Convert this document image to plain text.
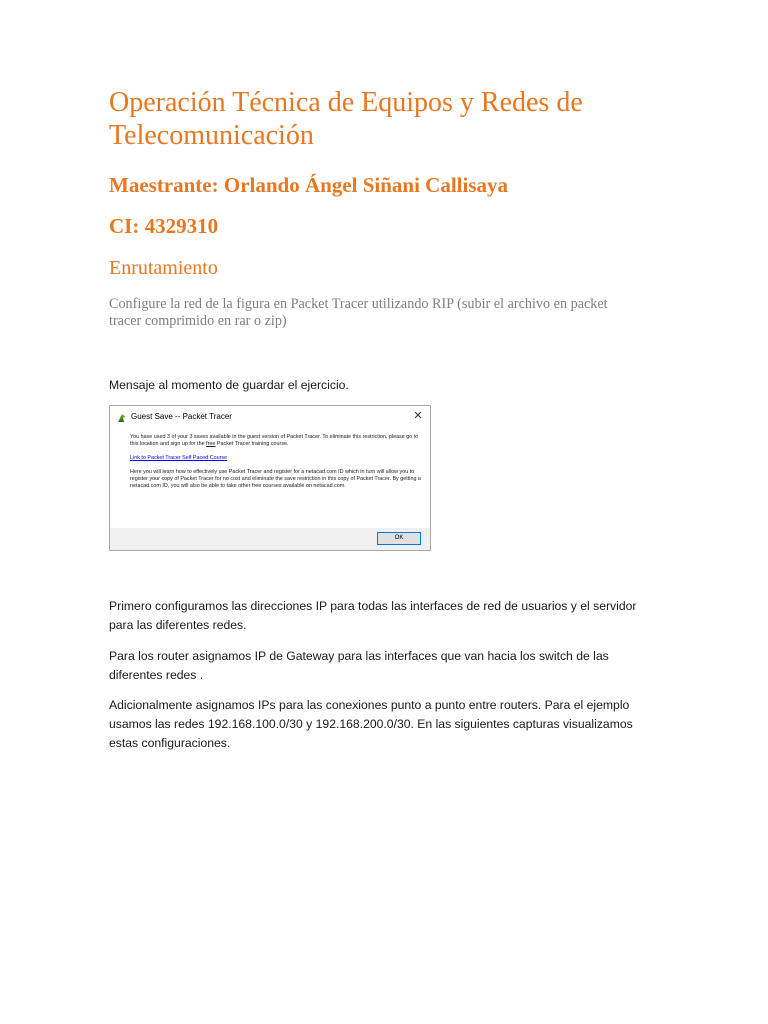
Operación Técnica de Equipos y Redes de Telecomunicación
Maestrante: Orlando Ángel Siñani Callisaya
CI: 4329310
Enrutamiento

Configure la red de la figura en Packet Tracer utilizando RIP (subir el archivo en packet tracer comprimido en rar o zip)

Mensaje al momento de guardar el ejercicio.

Guest Save -- Packet Tracer	✕

You have used 3 of your 3 saves available in the guest version of Packet Tracer. To eliminate this restriction, please go to this location and sign up for the free Packet Tracer training course.

Link to Packet Tracer Self Paced Course

Here you will learn how to effectively use Packet Tracer and register for a netacad.com ID which in turn will allow you to register your copy of Packet Tracer for no cost and eliminate the save restriction in this copy of Packet Tracer. By getting a netacad.com ID, you will also be able to take other free courses available on netacad.com.

OK

Primero configuramos las direcciones IP para todas las interfaces de red de usuarios y el servidor para las diferentes redes.

Para los router asignamos IP de Gateway para las interfaces que van hacia los switch de las diferentes redes .

Adicionalmente asignamos IPs para las conexiones punto a punto entre routers. Para el ejemplo usamos las redes 192.168.100.0/30 y 192.168.200.0/30. En las siguientes capturas visualizamos estas configuraciones.
